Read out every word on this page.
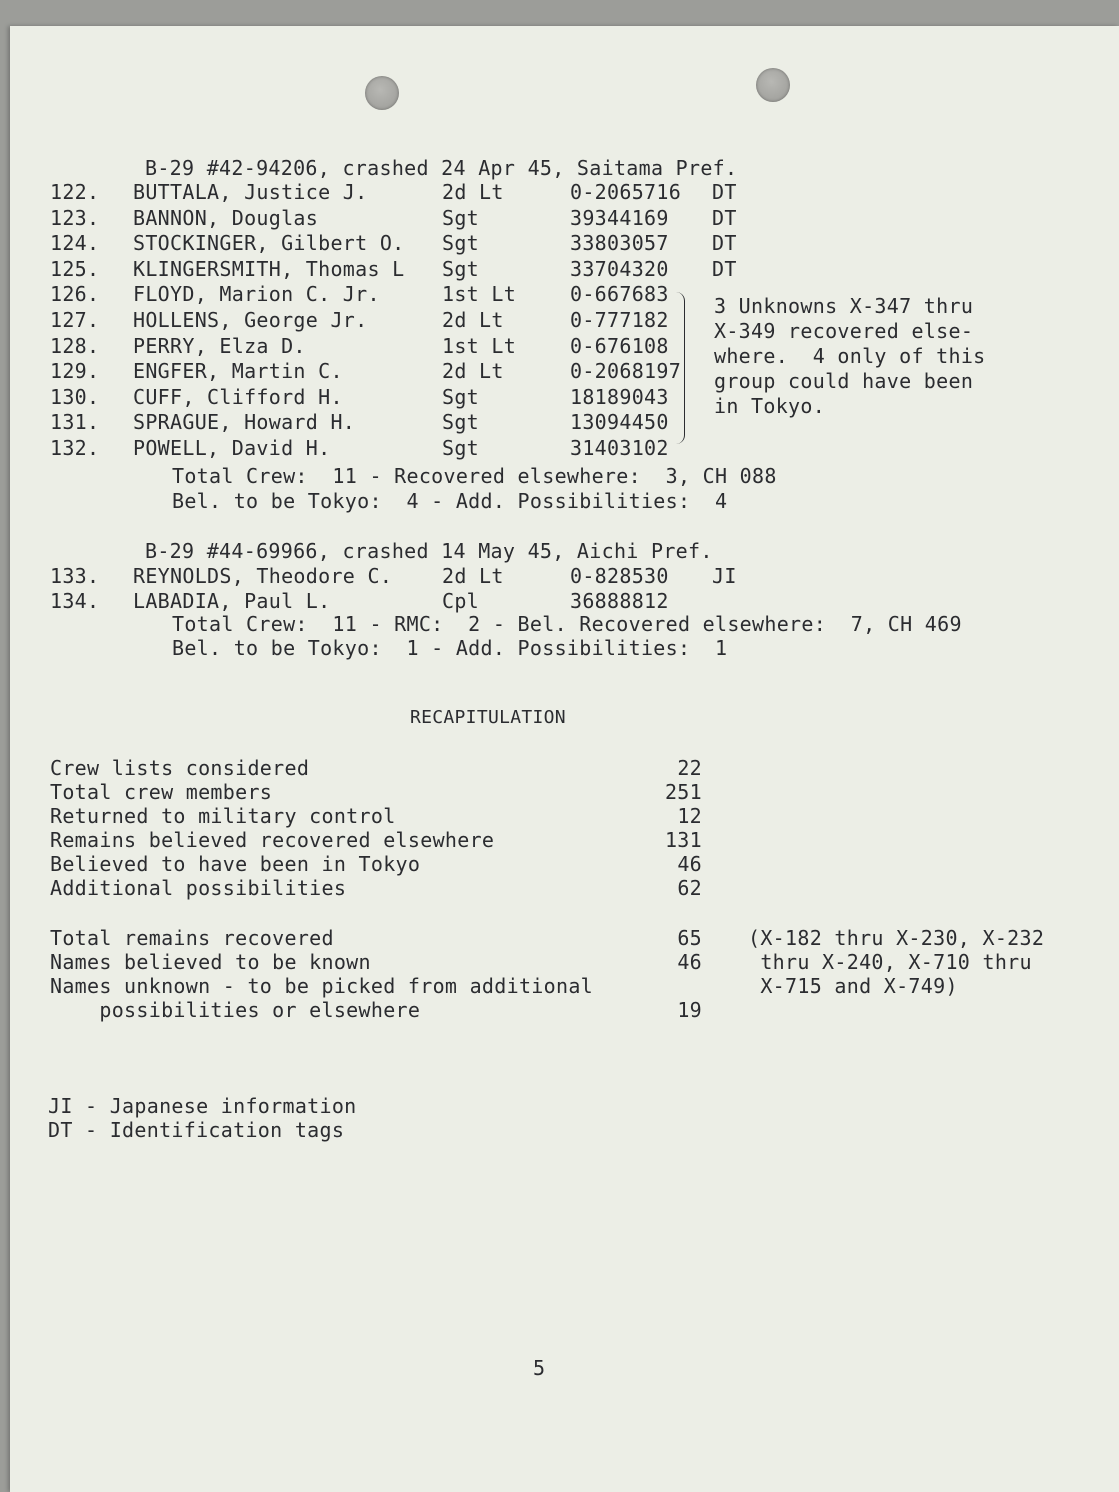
B-29 #42-94206, crashed 24 Apr 45, Saitama Pref.
122. BUTTALA, Justice J.	2d Lt	0-2065716 DT
123. BANNON, Douglas	Sgt	39344169 DT
124. STOCKINGER, Gilbert O. Sgt	33803057 DT
125. KLINGERSMITH, Thomas L Sgt	33704320 DT
126. FLOYD, Marion C. Jr.	1st Lt	0-667683
127. HOLLENS, George Jr.	2d Lt	0-777182
128. PERRY, Elza D.	1st Lt	0-676108
129. ENGFER, Martin C.	2d Lt	0-2068197
130. CUFF, Clifford H.	Sgt	18189043
131. SPRAGUE, Howard H.	Sgt	13094450
132. POWELL, David H.	Sgt	31403102
3 Unknowns X-347 thru
X-349 recovered else-
where.  4 only of this
group could have been
in Tokyo.
Total Crew:  11 - Recovered elsewhere:  3, CH 088
Bel. to be Tokyo:  4 - Add. Possibilities:  4
B-29 #44-69966, crashed 14 May 45, Aichi Pref.
133. REYNOLDS, Theodore C. 2d Lt	0-828530 JI
134. LABADIA, Paul L.	Cpl	36888812
Total Crew:  11 - RMC:  2 - Bel. Recovered elsewhere:  7, CH 469
Bel. to be Tokyo:  1 - Add. Possibilities:  1
RECAPITULATION
Crew lists considered	22
Total crew members	251
Returned to military control	12
Remains believed recovered elsewhere	131
Believed to have been in Tokyo	46
Additional possibilities	62
Total remains recovered	65
Names believed to be known	46
Names unknown - to be picked from additional
possibilities or elsewhere	19
(X-182 thru X-230, X-232
thru X-240, X-710 thru
X-715 and X-749)
JI - Japanese information
DT - Identification tags
5
